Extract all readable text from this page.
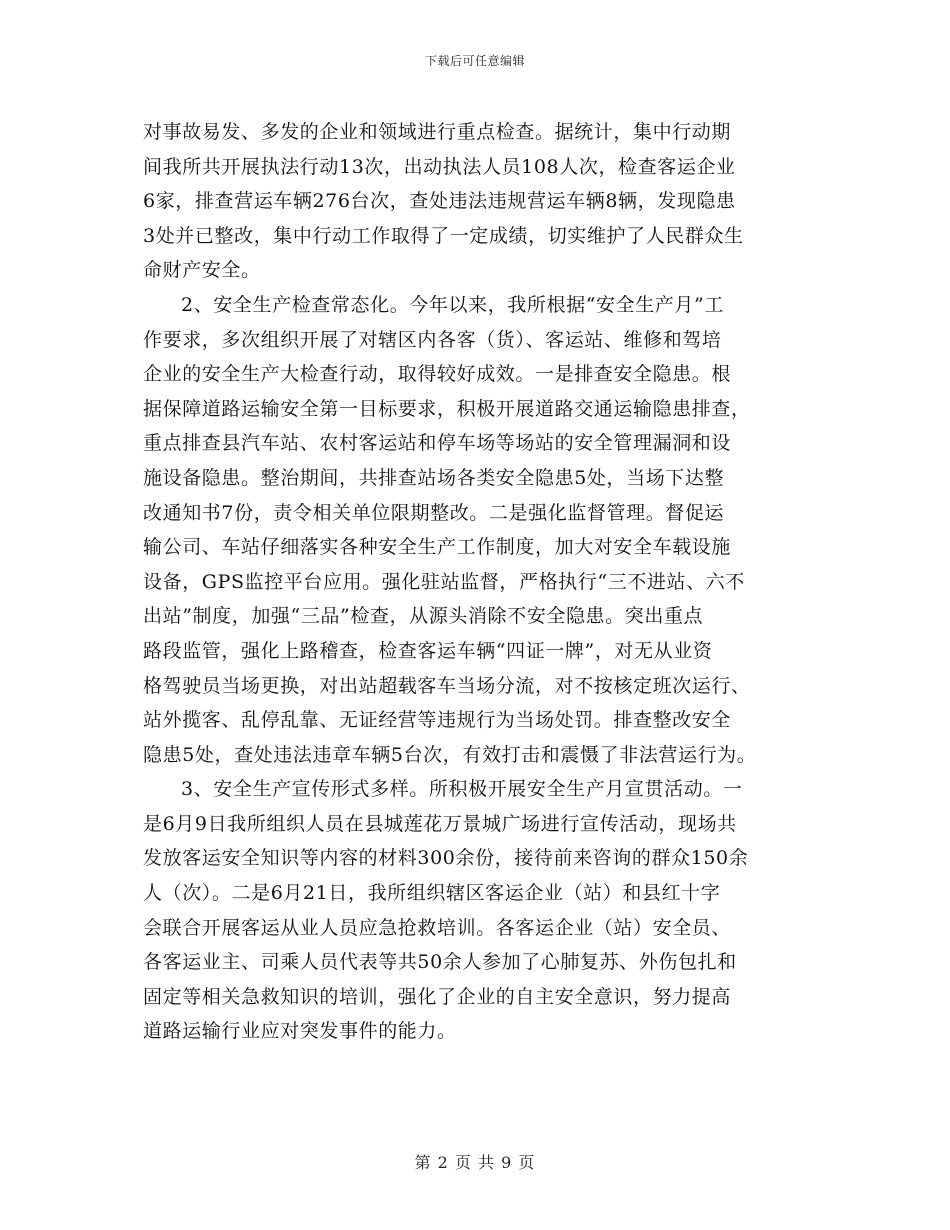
下载后可任意编辑
对事故易发、多发的企业和领域进行重点检查。据统计，集中行动期
间我所共开展执法行动13次，出动执法人员108人次，检查客运企业
6家，排查营运车辆276台次，查处违法违规营运车辆8辆，发现隐患
3处并已整改，集中行动工作取得了一定成绩，切实维护了人民群众生
命财产安全。
2、安全生产检查常态化。今年以来，我所根据“安全生产月”工
作要求，多次组织开展了对辖区内各客（货）、客运站、维修和驾培
企业的安全生产大检查行动，取得较好成效。一是排查安全隐患。根
据保障道路运输安全第一目标要求，积极开展道路交通运输隐患排查，
重点排查县汽车站、农村客运站和停车场等场站的安全管理漏洞和设
施设备隐患。整治期间，共排查站场各类安全隐患5处，当场下达整
改通知书7份，责令相关单位限期整改。二是强化监督管理。督促运
输公司、车站仔细落实各种安全生产工作制度，加大对安全车载设施
设备，GPS监控平台应用。强化驻站监督，严格执行“三不进站、六不
出站”制度，加强“三品”检查，从源头消除不安全隐患。突出重点
路段监管，强化上路稽查，检查客运车辆“四证一牌”，对无从业资
格驾驶员当场更换，对出站超载客车当场分流，对不按核定班次运行、
站外揽客、乱停乱靠、无证经营等违规行为当场处罚。排查整改安全
隐患5处，查处违法违章车辆5台次，有效打击和震慑了非法营运行为。
3、安全生产宣传形式多样。所积极开展安全生产月宣贯活动。一
是6月9日我所组织人员在县城莲花万景城广场进行宣传活动，现场共
发放客运安全知识等内容的材料300余份，接待前来咨询的群众150余
人（次）。二是6月21日，我所组织辖区客运企业（站）和县红十字
会联合开展客运从业人员应急抢救培训。各客运企业（站）安全员、
各客运业主、司乘人员代表等共50余人参加了心肺复苏、外伤包扎和
固定等相关急救知识的培训，强化了企业的自主安全意识，努力提高
道路运输行业应对突发事件的能力。
第 2 页 共 9 页
